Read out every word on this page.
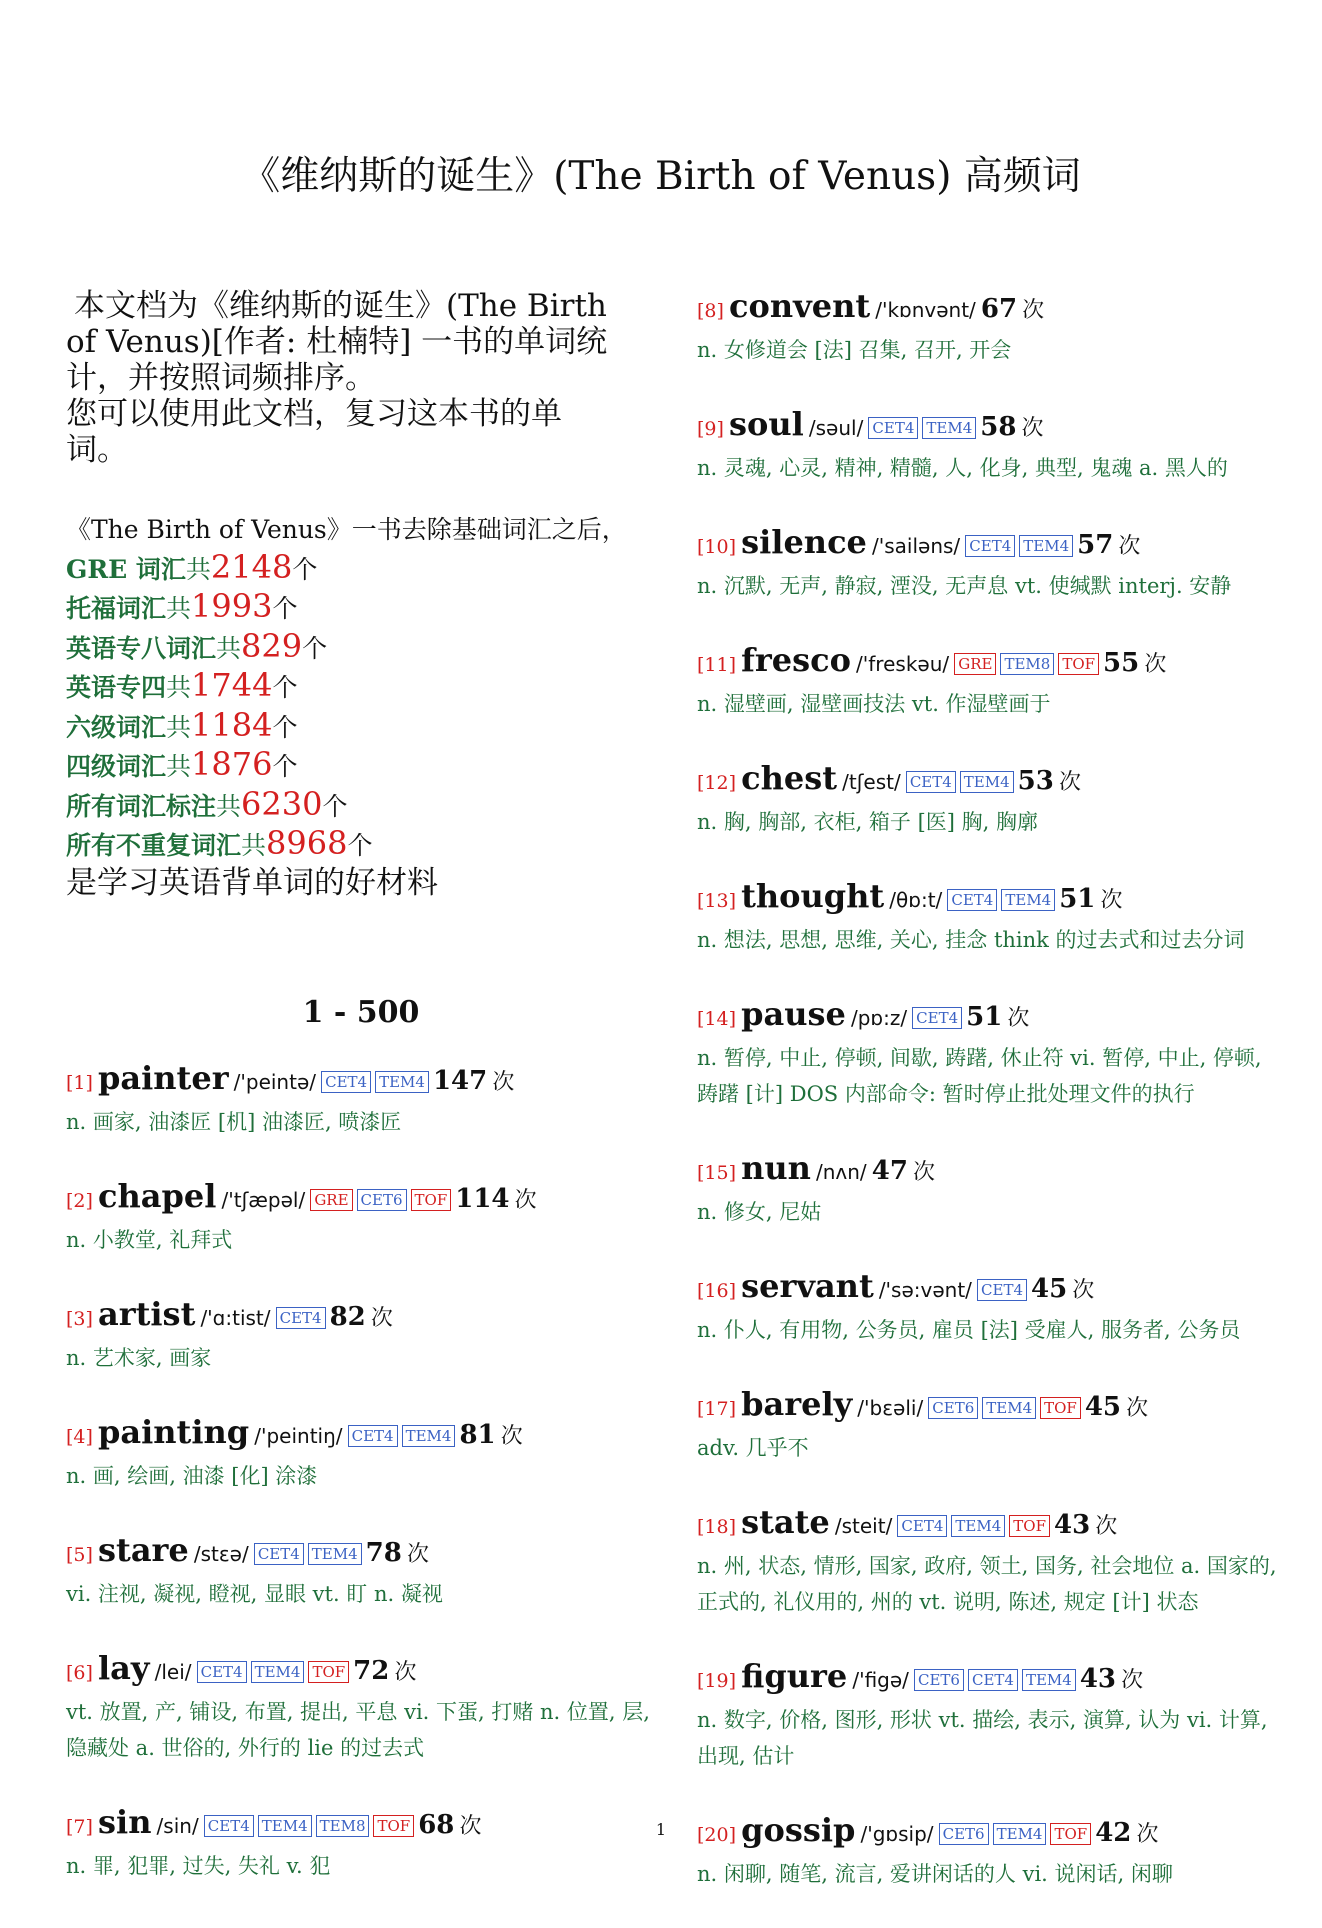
《维纳斯的诞生》(The Birth of Venus) 高频词

本文档为《维纳斯的诞生》(The Birth

of Venus)[作者: 杜楠特] 一书的单词统

计，并按照词频排序。

您可以使用此文档，复习这本书的单

词。

《The Birth of Venus》一书去除基础词汇之后，
GRE 词汇共2148个
托福词汇共1993个
英语专八词汇共829个
英语专四共1744个
六级词汇共1184个
四级词汇共1876个
所有词汇标注共6230个
所有不重复词汇共8968个
是学习英语背单词的好材料
1 - 500
[1] painter /'peintə/ CET4 TEM4 147 次
n. 画家, 油漆匠 [机] 油漆匠, 喷漆匠
[2] chapel /'tʃæpəl/ GRE CET6 TOF 114 次
n. 小教堂, 礼拜式
[3] artist /'ɑ:tist/ CET4 82 次
n. 艺术家, 画家
[4] painting /'peintiŋ/ CET4 TEM4 81 次
n. 画, 绘画, 油漆 [化] 涂漆
[5] stare /stεə/ CET4 TEM4 78 次
vi. 注视, 凝视, 瞪视, 显眼 vt. 盯 n. 凝视
[6] lay /lei/ CET4 TEM4 TOF 72 次
vt. 放置, 产, 铺设, 布置, 提出, 平息 vi. 下蛋, 打赌 n. 位置, 层, 隐藏处 a. 世俗的, 外行的 lie 的过去式
[7] sin /sin/ CET4 TEM4 TEM8 TOF 68 次
n. 罪, 犯罪, 过失, 失礼 v. 犯
[8] convent /'kɒnvənt/ 67 次
n. 女修道会 [法] 召集, 召开, 开会
[9] soul /səul/ CET4 TEM4 58 次
n. 灵魂, 心灵, 精神, 精髓, 人, 化身, 典型, 鬼魂 a. 黑人的
[10] silence /'sailəns/ CET4 TEM4 57 次
n. 沉默, 无声, 静寂, 湮没, 无声息 vt. 使缄默 interj. 安静
[11] fresco /'freskəu/ GRE TEM8 TOF 55 次
n. 湿壁画, 湿壁画技法 vt. 作湿壁画于
[12] chest /tʃest/ CET4 TEM4 53 次
n. 胸, 胸部, 衣柜, 箱子 [医] 胸, 胸廓
[13] thought /θɒ:t/ CET4 TEM4 51 次
n. 想法, 思想, 思维, 关心, 挂念 think 的过去式和过去分词
[14] pause /pɒ:z/ CET4 51 次
n. 暂停, 中止, 停顿, 间歇, 踌躇, 休止符 vi. 暂停, 中止, 停顿, 踌躇 [计] DOS 内部命令: 暂时停止批处理文件的执行
[15] nun /nʌn/ 47 次
n. 修女, 尼姑
[16] servant /'sə:vənt/ CET4 45 次
n. 仆人, 有用物, 公务员, 雇员 [法] 受雇人, 服务者, 公务员
[17] barely /'bεəli/ CET6 TEM4 TOF 45 次
adv. 几乎不
[18] state /steit/ CET4 TEM4 TOF 43 次
n. 州, 状态, 情形, 国家, 政府, 领土, 国务, 社会地位 a. 国家的, 正式的, 礼仪用的, 州的 vt. 说明, 陈述, 规定 [计] 状态
[19] figure /'figə/ CET6 CET4 TEM4 43 次
n. 数字, 价格, 图形, 形状 vt. 描绘, 表示, 演算, 认为 vi. 计算, 出现, 估计
[20] gossip /'gɒsip/ CET6 TEM4 TOF 42 次
n. 闲聊, 随笔, 流言, 爱讲闲话的人 vi. 说闲话, 闲聊
1
